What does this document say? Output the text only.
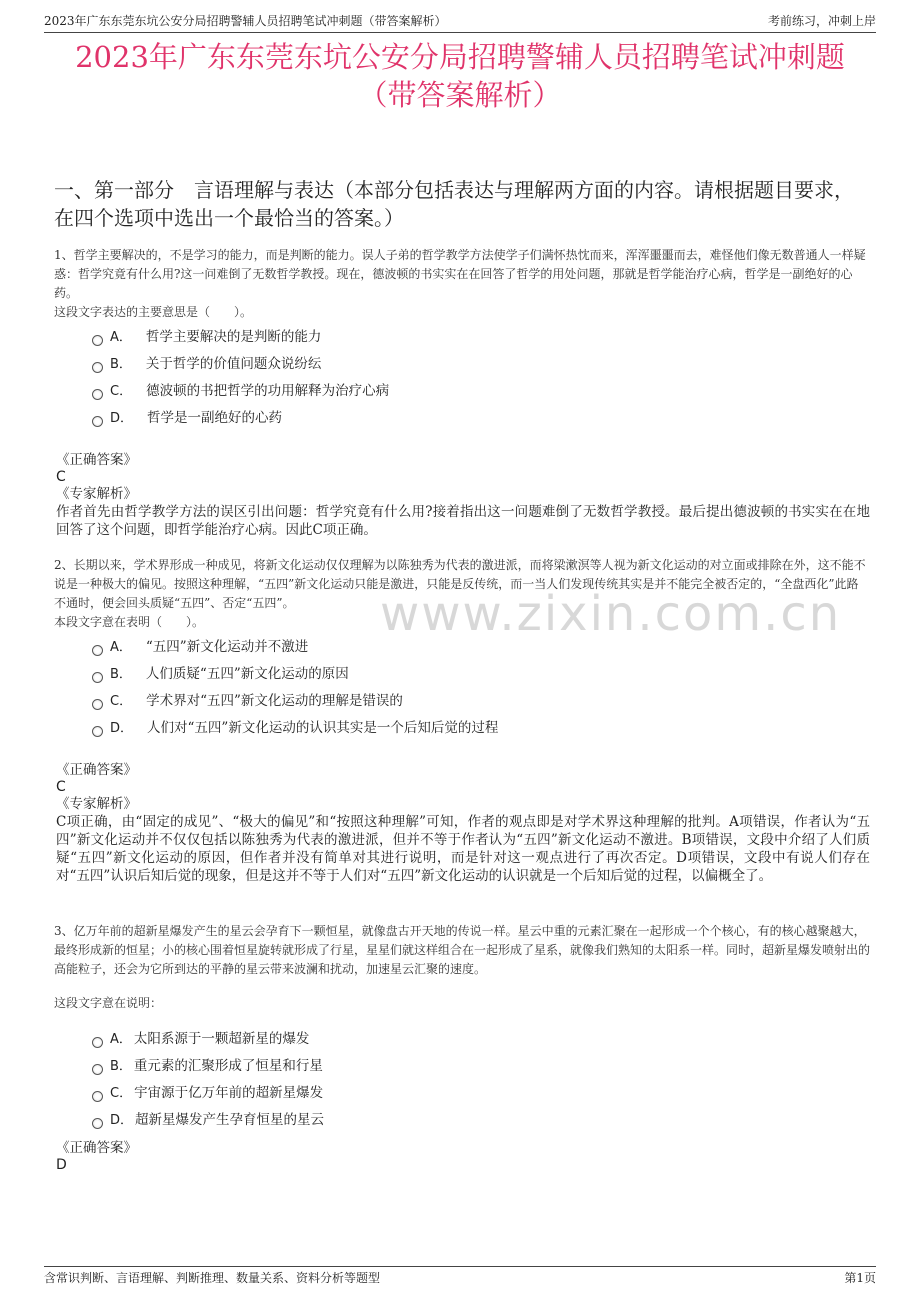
2023年广东东莞东坑公安分局招聘警辅人员招聘笔试冲刺题（带答案解析）	考前练习，冲刺上岸
2023年广东东莞东坑公安分局招聘警辅人员招聘笔试冲刺题
（带答案解析）
一、第一部分　言语理解与表达（本部分包括表达与理解两方面的内容。请根据题目要求，在四个选项中选出一个最恰当的答案。）
1、哲学主要解决的，不是学习的能力，而是判断的能力。误人子弟的哲学教学方法使学子们满怀热忱而来，浑浑噩噩而去，难怪他们像无数普通人一样疑惑：哲学究竟有什么用?这一问难倒了无数哲学教授。现在，德波顿的书实实在在回答了哲学的用处问题，那就是哲学能治疗心病，哲学是一副绝好的心药。
这段文字表达的主要意思是（　　）。
A． 哲学主要解决的是判断的能力
B． 关于哲学的价值问题众说纷纭
C． 德波顿的书把哲学的功用解释为治疗心病
D． 哲学是一副绝好的心药
《正确答案》
C
《专家解析》
作者首先由哲学教学方法的误区引出问题：哲学究竟有什么用?接着指出这一问题难倒了无数哲学教授。最后提出德波顿的书实实在在地回答了这个问题，即哲学能治疗心病。因此C项正确。
2、长期以来，学术界形成一种成见，将新文化运动仅仅理解为以陈独秀为代表的激进派，而将梁漱溟等人视为新文化运动的对立面或排除在外，这不能不说是一种极大的偏见。按照这种理解，“五四”新文化运动只能是激进，只能是反传统，而一当人们发现传统其实是并不能完全被否定的，“全盘西化”此路不通时，便会回头质疑“五四”、否定“五四”。
本段文字意在表明（　　）。	www.zixin.com.cn
A． “五四”新文化运动并不激进
B． 人们质疑“五四”新文化运动的原因
C． 学术界对“五四”新文化运动的理解是错误的
D． 人们对“五四”新文化运动的认识其实是一个后知后觉的过程
《正确答案》
C
《专家解析》
C项正确，由“固定的成见”、“极大的偏见”和“按照这种理解”可知，作者的观点即是对学术界这种理解的批判。A项错误，作者认为“五四”新文化运动并不仅仅包括以陈独秀为代表的激进派，但并不等于作者认为“五四”新文化运动不激进。B项错误，文段中介绍了人们质疑“五四”新文化运动的原因，但作者并没有简单对其进行说明，而是针对这一观点进行了再次否定。D项错误，文段中有说人们存在对“五四”认识后知后觉的现象，但是这并不等于人们对“五四”新文化运动的认识就是一个后知后觉的过程，以偏概全了。
3、亿万年前的超新星爆发产生的星云会孕育下一颗恒星，就像盘古开天地的传说一样。星云中重的元素汇聚在一起形成一个个核心，有的核心越聚越大，最终形成新的恒星；小的核心围着恒星旋转就形成了行星，星星们就这样组合在一起形成了星系，就像我们熟知的太阳系一样。同时，超新星爆发喷射出的高能粒子，还会为它所到达的平静的星云带来波澜和扰动，加速星云汇聚的速度。
这段文字意在说明：
A． 太阳系源于一颗超新星的爆发
B． 重元素的汇聚形成了恒星和行星
C． 宇宙源于亿万年前的超新星爆发
D． 超新星爆发产生孕育恒星的星云
《正确答案》
D
含常识判断、言语理解、判断推理、数量关系、资料分析等题型	第1页
